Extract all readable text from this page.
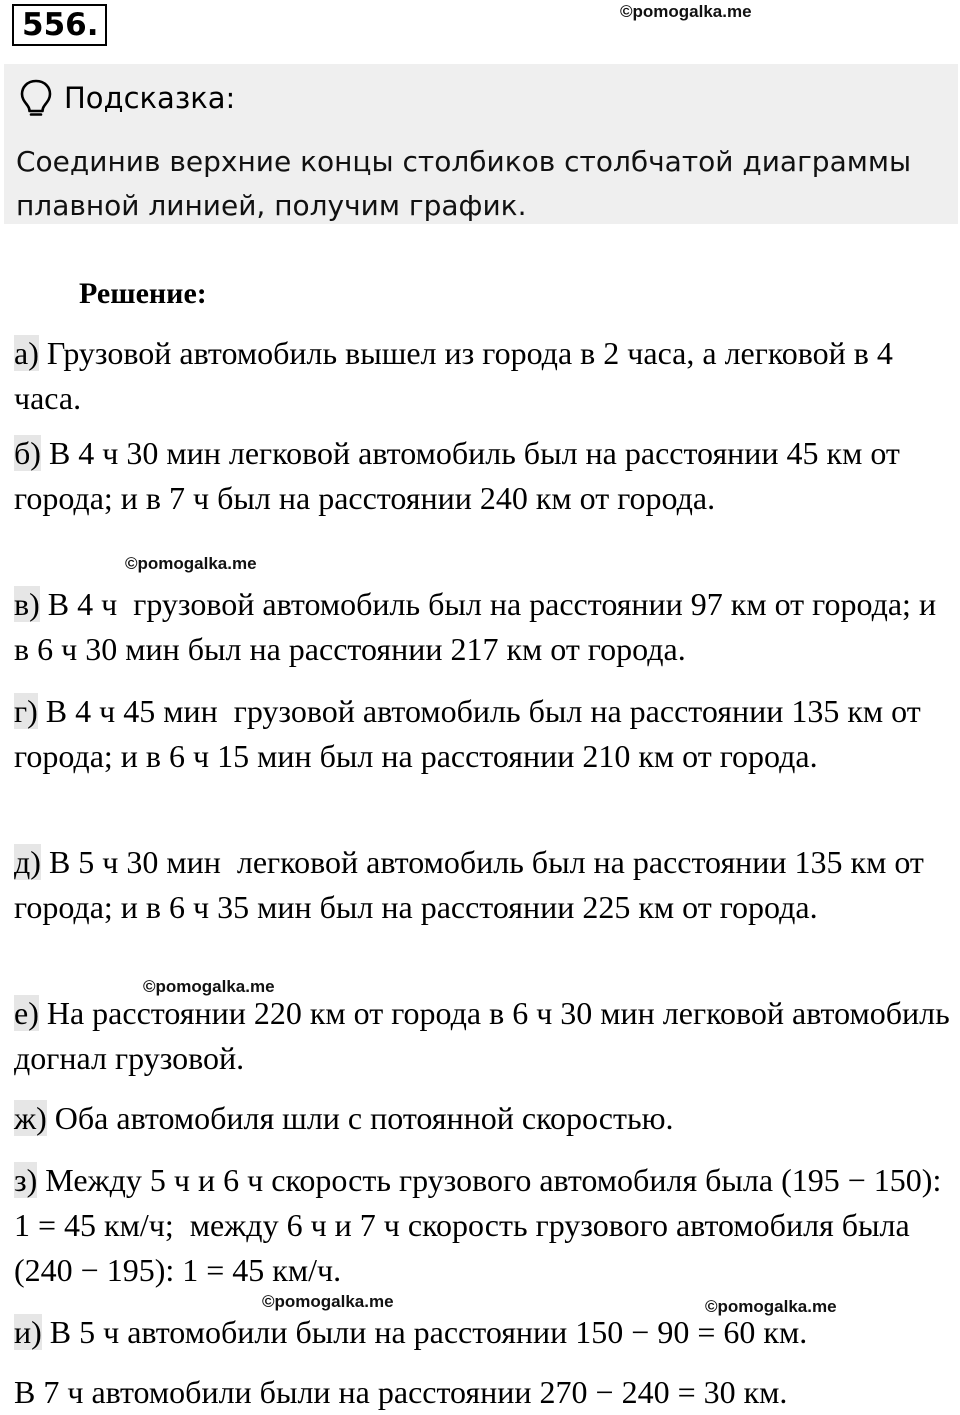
556.	©pomogalka.me
Подсказка:
Соединив верхние концы столбиков столбчатой диаграммы плавной линией, получим график.
Решение:
а) Грузовой автомобиль вышел из города в 2 часа, а легковой в 4 часа.
б) В 4 ч 30 мин легковой автомобиль был на расстоянии 45 км от города; и в 7 ч был на расстоянии 240 км от города.
©pomogalka.me
в) В 4 ч  грузовой автомобиль был на расстоянии 97 км от города; и в 6 ч 30 мин был на расстоянии 217 км от города.
г) В 4 ч 45 мин  грузовой автомобиль был на расстоянии 135 км от города; и в 6 ч 15 мин был на расстоянии 210 км от города.
д) В 5 ч 30 мин  легковой автомобиль был на расстоянии 135 км от города; и в 6 ч 35 мин был на расстоянии 225 км от города.
©pomogalka.me
е) На расстоянии 220 км от города в 6 ч 30 мин легковой автомобиль догнал грузовой.
ж) Оба автомобиля шли с потоянной скоростью.
з) Между 5 ч и 6 ч скорость грузового автомобиля была (195 − 150): 1 = 45 км/ч;  между 6 ч и 7 ч скорость грузового автомобиля была (240 − 195): 1 = 45 км/ч.
©pomogalka.me	©pomogalka.me
и) В 5 ч автомобили были на расстоянии 150 − 90 = 60 км.
В 7 ч автомобили были на расстоянии 270 − 240 = 30 км.
